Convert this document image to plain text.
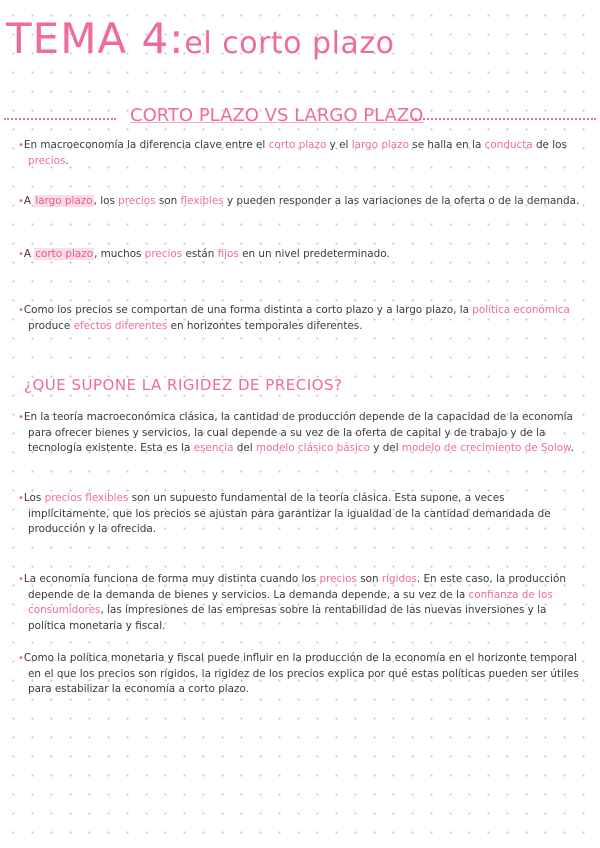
TEMA 4:el corto plazo
CORTO PLAZO VS LARGO PLAZO

•En macroeconomía la diferencia clave entre el corto plazo y el largo plazo se halla en la conducta de los precios.

•A largo plazo, los precios son flexibles y pueden responder a las variaciones de la oferta o de la demanda.

•A corto plazo, muchos precios están fijos en un nivel predeterminado.

•Como los precios se comportan de una forma distinta a corto plazo y a largo plazo, la política económica produce efectos diferentes en horizontes temporales diferentes.

¿QUE SUPONE LA RIGIDEZ DE PRECIOS?

•En la teoría macroeconómica clásica, la cantidad de producción depende de la capacidad de la economía para ofrecer bienes y servicios, la cual depende a su vez de la oferta de capital y de trabajo y de la tecnología existente. Esta es la esencia del modelo clásico básico y del modelo de crecimiento de Solow.

•Los precios flexibles son un supuesto fundamental de la teoría clásica. Esta supone, a veces implícitamente, que los precios se ajustan para garantizar la igualdad de la cantidad demandada de producción y la ofrecida.

•La economía funciona de forma muy distinta cuando los precios son rígidos. En este caso, la producción depende de la demanda de bienes y servicios. La demanda depende, a su vez de la confianza de los consumidores, las impresiones de las empresas sobre la rentabilidad de las nuevas inversiones y la política monetaria y fiscal.

•Como la política monetaria y fiscal puede influir en la producción de la economía en el horizonte temporal en el que los precios son rígidos, la rigidez de los precios explica por qué estas políticas pueden ser útiles para estabilizar la economía a corto plazo.
